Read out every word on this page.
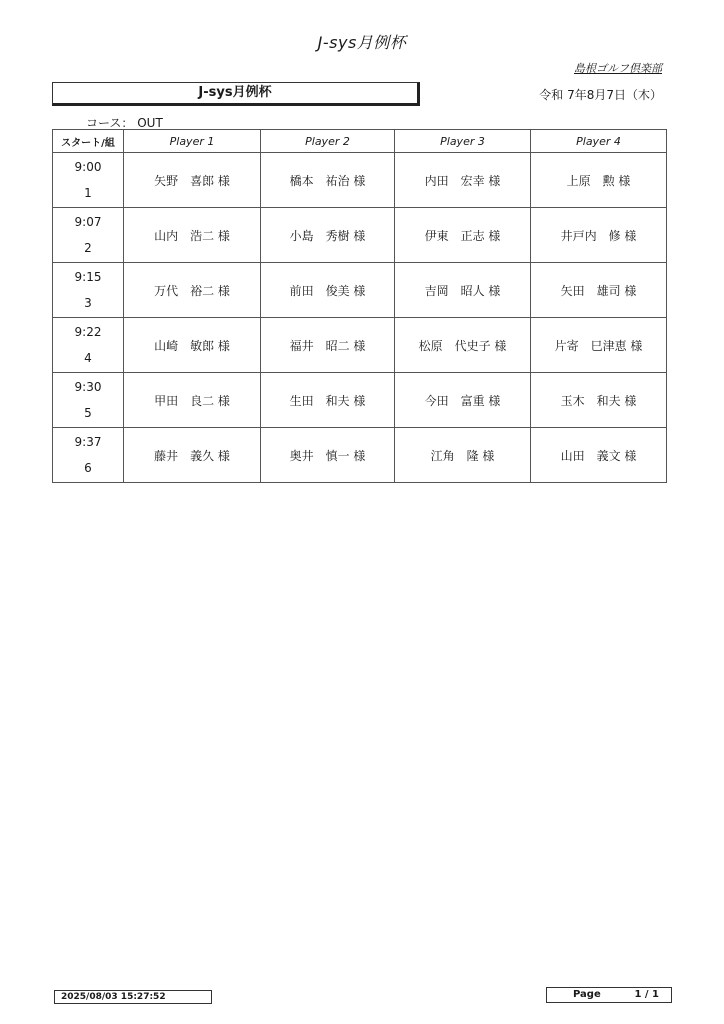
J-sys月例杯
島根ゴルフ倶楽部
J-sys月例杯	令和 7年8月7日（木）
コース： OUT
スタート/組	Player 1	Player 2	Player 3	Player 4

9:00
1	矢野　喜郎 様	橋本　祐治 様	内田　宏幸 様	上原　勲 様

9:07
2	山内　浩二 様	小島　秀樹 様	伊東　正志 様	井戸内　修 様

9:15
3	万代　裕二 様	前田　俊美 様	吉岡　昭人 様	矢田　雄司 様

9:22
4	山崎　敏郎 様	福井　昭二 様	松原　代史子 様	片寄　巳津恵 様

9:30
5	甲田　良二 様	生田　和夫 様	今田　富重 様	玉木　和夫 様

9:37
6	藤井　義久 様	奥井　慎一 様	江角　隆 様	山田　義文 様
2025/08/03 15:27:52	Page	1 / 1
